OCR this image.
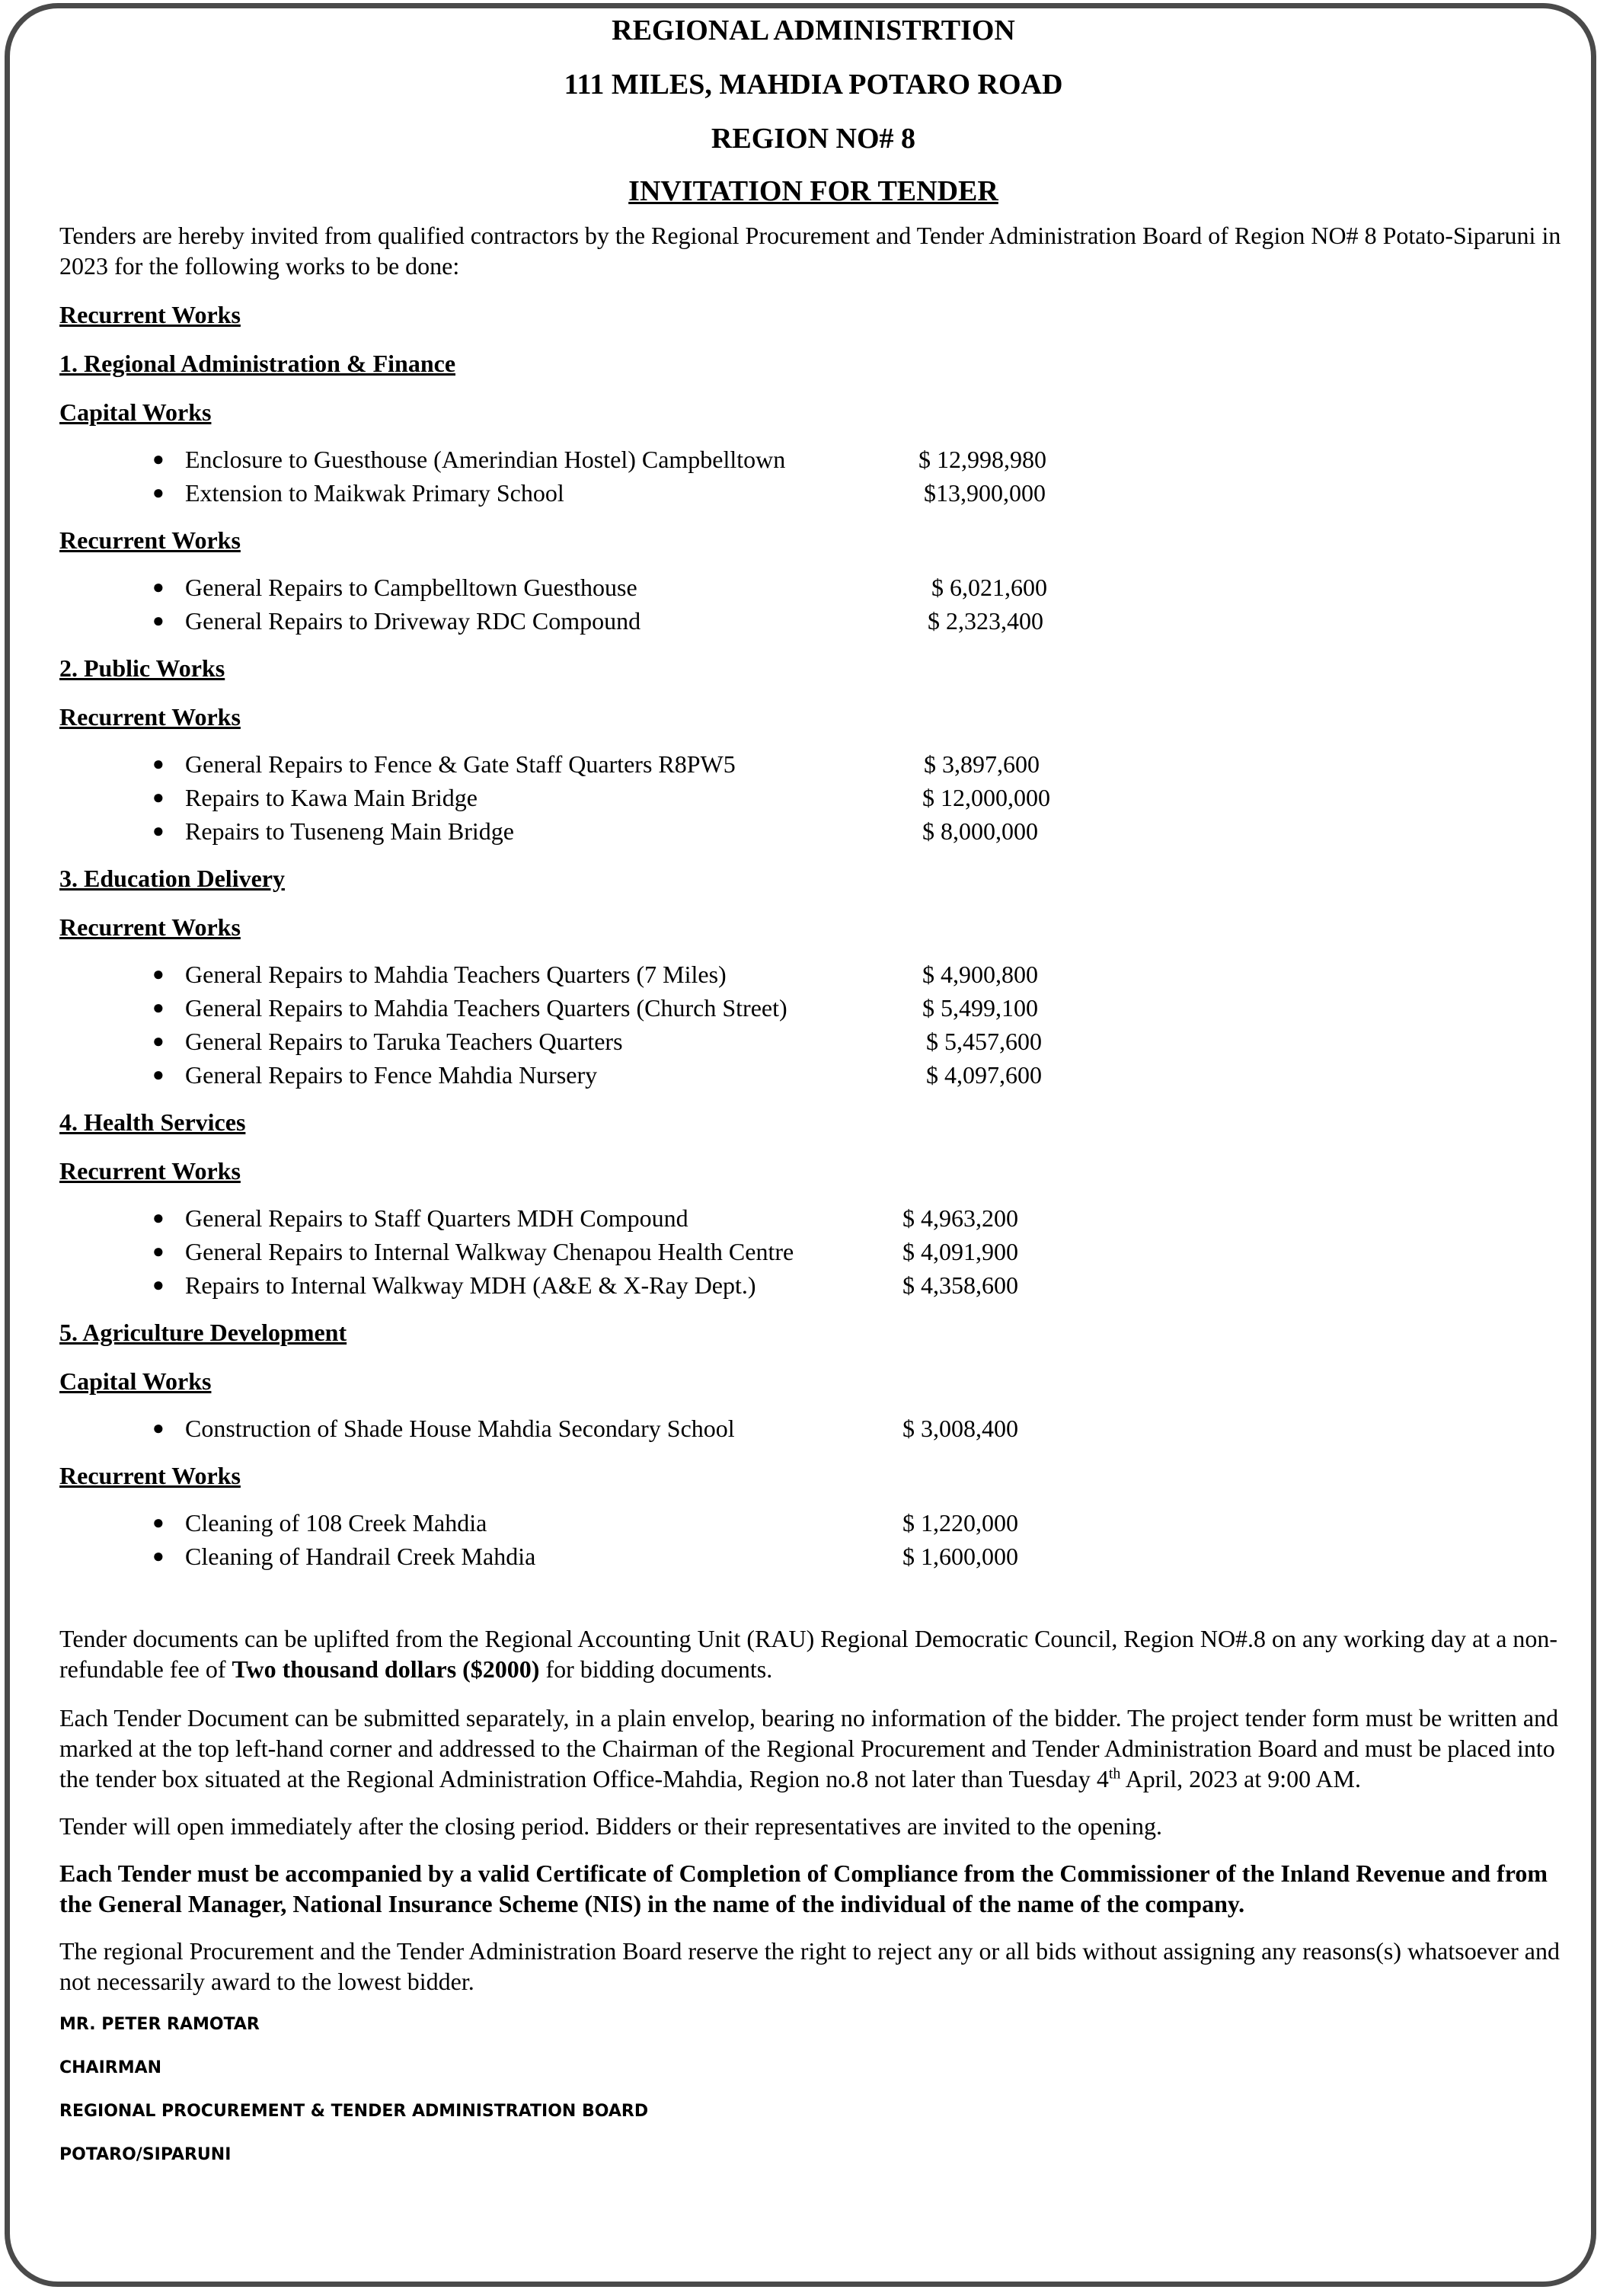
REGIONAL ADMINISTRTION

111 MILES, MAHDIA POTARO ROAD

REGION NO# 8

INVITATION FOR TENDER

Tenders are hereby invited from qualified contractors by the Regional Procurement and Tender Administration Board of Region NO# 8 Potato-Siparuni in 2023 for the following works to be done:

Recurrent Works

1. Regional Administration & Finance

Capital Works

● Enclosure to Guesthouse (Amerindian Hostel) Campbelltown	$ 12,998,980
● Extension to Maikwak Primary School	$13,900,000

Recurrent Works

● General Repairs to Campbelltown Guesthouse	$ 6,021,600
● General Repairs to Driveway RDC Compound	$ 2,323,400

2. Public Works

Recurrent Works

● General Repairs to Fence & Gate Staff Quarters R8PW5	$ 3,897,600
● Repairs to Kawa Main Bridge	$ 12,000,000
● Repairs to Tuseneng Main Bridge	$ 8,000,000

3. Education Delivery

Recurrent Works

● General Repairs to Mahdia Teachers Quarters (7 Miles)	$ 4,900,800
● General Repairs to Mahdia Teachers Quarters (Church Street)	$ 5,499,100
● General Repairs to Taruka Teachers Quarters	$ 5,457,600
● General Repairs to Fence Mahdia Nursery	$ 4,097,600

4. Health Services

Recurrent Works

● General Repairs to Staff Quarters MDH Compound	$ 4,963,200
● General Repairs to Internal Walkway Chenapou Health Centre	$ 4,091,900
● Repairs to Internal Walkway MDH (A&E & X-Ray Dept.)	$ 4,358,600

5. Agriculture Development

Capital Works

● Construction of Shade House Mahdia Secondary School	$ 3,008,400

Recurrent Works

● Cleaning of 108 Creek Mahdia	$ 1,220,000
● Cleaning of Handrail Creek Mahdia	$ 1,600,000

Tender documents can be uplifted from the Regional Accounting Unit (RAU) Regional Democratic Council, Region NO#.8 on any working day at a non-refundable fee of Two thousand dollars ($2000) for bidding documents.

Each Tender Document can be submitted separately, in a plain envelop, bearing no information of the bidder. The project tender form must be written and marked at the top left-hand corner and addressed to the Chairman of the Regional Procurement and Tender Administration Board and must be placed into the tender box situated at the Regional Administration Office-Mahdia, Region no.8 not later than Tuesday 4th April, 2023 at 9:00 AM.

Tender will open immediately after the closing period. Bidders or their representatives are invited to the opening.

Each Tender must be accompanied by a valid Certificate of Completion of Compliance from the Commissioner of the Inland Revenue and from the General Manager, National Insurance Scheme (NIS) in the name of the individual of the name of the company.

The regional Procurement and the Tender Administration Board reserve the right to reject any or all bids without assigning any reasons(s) whatsoever and not necessarily award to the lowest bidder.

MR. PETER RAMOTAR

CHAIRMAN

REGIONAL PROCUREMENT & TENDER ADMINISTRATION BOARD

POTARO/SIPARUNI
